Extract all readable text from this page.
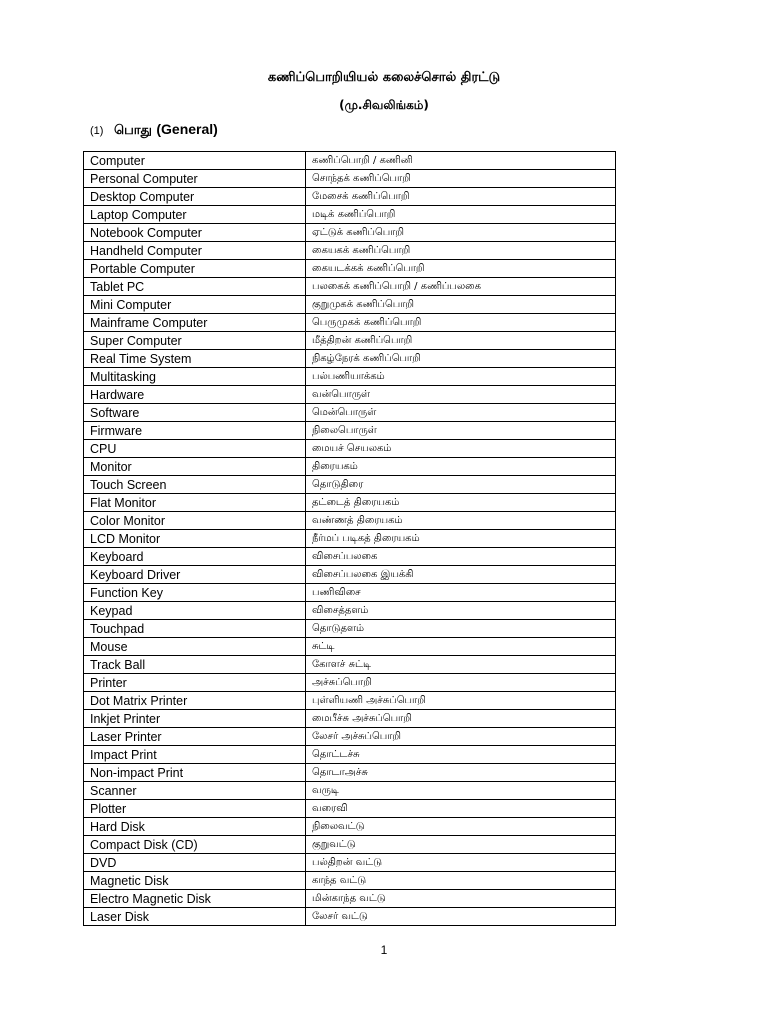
கணிப்பொறியியல் கலைச்சொல் திரட்டு
(மு.சிவலிங்கம்)
(1) பொது (General)
Computer	கணிப்பொறி / கணினி
Personal Computer	சொந்தக் கணிப்பொறி
Desktop Computer	மேசைக் கணிப்பொறி
Laptop Computer	மடிக் கணிப்பொறி
Notebook Computer	ஏட்டுக் கணிப்பொறி
Handheld Computer	கையகக் கணிப்பொறி
Portable Computer	கையடக்கக் கணிப்பொறி
Tablet PC	பலகைக் கணிப்பொறி / கணிப்பலகை
Mini Computer	குறுமுகக் கணிப்பொறி
Mainframe Computer	பெருமுகக் கணிப்பொறி
Super Computer	மீத்திறன் கணிப்பொறி
Real Time System	நிகழ்நேரக் கணிப்பொறி
Multitasking	பல்பணியாக்கம்
Hardware	வன்பொருள்
Software	மென்பொருள்
Firmware	நிலைபொருள்
CPU	மையச் செயலகம்
Monitor	திரையகம்
Touch Screen	தொடுதிரை
Flat Monitor	தட்டைத் திரையகம்
Color Monitor	வண்ணத் திரையகம்
LCD Monitor	நீர்மப் படிகத் திரையகம்
Keyboard	விசைப்பலகை
Keyboard Driver	விசைப்பலகை இயக்கி
Function Key	பணிவிசை
Keypad	விசைத்தளம்
Touchpad	தொடுதளம்
Mouse	சுட்டி
Track Ball	கோளச் சுட்டி
Printer	அச்சுப்பொறி
Dot Matrix Printer	புள்ளியணி அச்சுப்பொறி
Inkjet Printer	மைபீச்சு அச்சுப்பொறி
Laser Printer	லேசர் அச்சுப்பொறி
Impact Print	தொட்டச்சு
Non-impact Print	தொடாஅச்சு
Scanner	வருடி
Plotter	வரைவி
Hard Disk	நிலைவட்டு
Compact Disk (CD)	குறுவட்டு
DVD	பல்திறன் வட்டு
Magnetic Disk	காந்த வட்டு
Electro Magnetic Disk	மின்காந்த வட்டு
Laser Disk	லேசர் வட்டு
1
